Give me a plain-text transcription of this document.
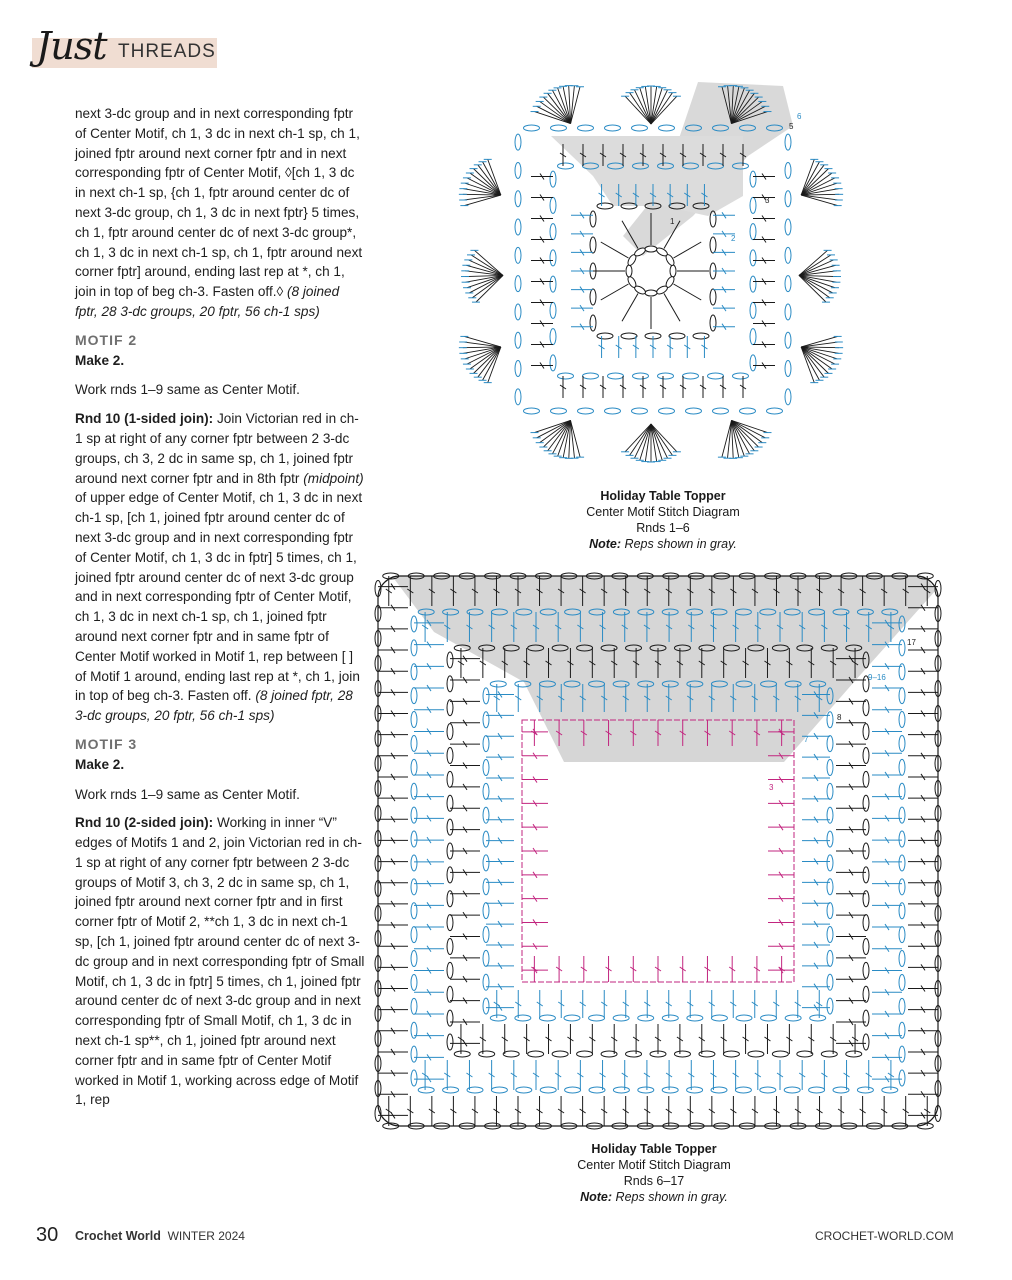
Just THREADS

next 3-dc group and in next corresponding fptr of Center Motif, ch 1, 3 dc in next ch-1 sp, ch 1, joined fptr around next corner fptr and in next corresponding fptr of Center Motif, ◊[ch 1, 3 dc in next ch-1 sp, {ch 1, fptr around center dc of next 3-dc group, ch 1, 3 dc in next fptr} 5 times, ch 1, fptr around center dc of next 3-dc group*, ch 1, 3 dc in next ch-1 sp, ch 1, fptr around next corner fptr] around, ending last rep at *, ch 1, join in top of beg ch-3. Fasten off.◊ (8 joined fptr, 28 3-dc groups, 20 fptr, 56 ch-1 sps)

MOTIF 2

Make 2.

Work rnds 1–9 same as Center Motif.

Rnd 10 (1-sided join): Join Victorian red in ch-1 sp at right of any corner fptr between 2 3-dc groups, ch 3, 2 dc in same sp, ch 1, joined fptr around next corner fptr and in 8th fptr (midpoint) of upper edge of Center Motif, ch 1, 3 dc in next ch-1 sp, [ch 1, joined fptr around center dc of next 3-dc group and in next corresponding fptr of Center Motif, ch 1, 3 dc in fptr] 5 times, ch 1, joined fptr around center dc of next 3-dc group and in next corresponding fptr of Center Motif, ch 1, 3 dc in next ch-1 sp, ch 1, joined fptr around next corner fptr and in same fptr of Center Motif worked in Motif 1, rep between [ ] of Motif 1 around, ending last rep at *, ch 1, join in top of beg ch-3. Fasten off. (8 joined fptr, 28 3-dc groups, 20 fptr, 56 ch-1 sps)

MOTIF 3

Make 2.

Work rnds 1–9 same as Center Motif.

Rnd 10 (2-sided join): Working in inner “V” edges of Motifs 1 and 2, join Victorian red in ch-1 sp at right of any corner fptr between 2 3-dc groups of Motif 3, ch 3, 2 dc in same sp, ch 1, joined fptr around next corner fptr and in first corner fptr of Motif 2, **ch 1, 3 dc in next ch-1 sp, [ch 1, joined fptr around center dc of next 3-dc group and in next corresponding fptr of Small Motif, ch 1, 3 dc in fptr] 5 times, ch 1, joined fptr around center dc of next 3-dc group and in next corresponding fptr of Small Motif, ch 1, 3 dc in next ch-1 sp**, ch 1, joined fptr around next corner fptr and in same fptr of Center Motif worked in Motif 1, working across edge of Motif 1, rep

1
2
3
5
6
Holiday Table Topper
Center Motif Stitch Diagram
Rnds 1–6
Note: Reps shown in gray.
3
7
8
9–16
17
Holiday Table Topper
Center Motif Stitch Diagram
Rnds 6–17
Note: Reps shown in gray.
30 Crochet World WINTER 2024	CROCHET-WORLD.COM
